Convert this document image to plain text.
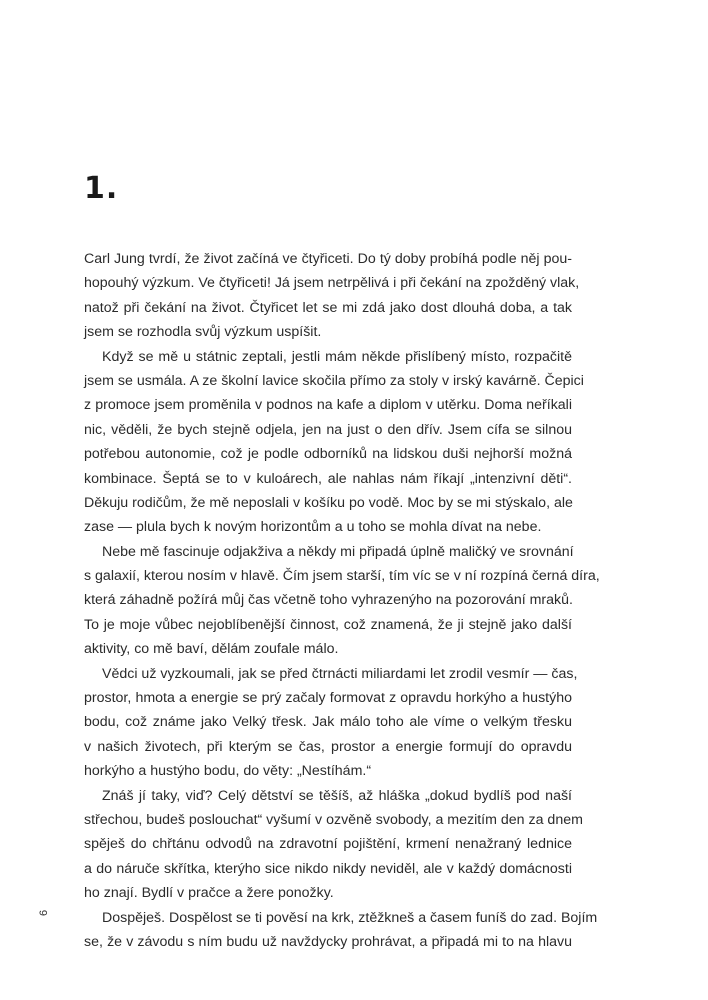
1.
Carl Jung tvrdí, že život začíná ve čtyřiceti. Do tý doby probíhá podle něj pou-
hopouhý výzkum. Ve čtyřiceti! Já jsem netrpělivá i při čekání na zpožděný vlak,
natož při čekání na život. Čtyřicet let se mi zdá jako dost dlouhá doba, a tak
jsem se rozhodla svůj výzkum uspíšit.
Když se mě u státnic zeptali, jestli mám někde přislíbený místo, rozpačitě
jsem se usmála. A ze školní lavice skočila přímo za stoly v irský kavárně. Čepici
z promoce jsem proměnila v podnos na kafe a diplom v utěrku. Doma neříkali
nic, věděli, že bych stejně odjela, jen na just o den dřív. Jsem cífa se silnou
potřebou autonomie, což je podle odborníků na lidskou duši nejhorší možná
kombinace. Šeptá se to v kuloárech, ale nahlas nám říkají „intenzivní děti“.
Děkuju rodičům, že mě neposlali v košíku po vodě. Moc by se mi stýskalo, ale
zase — plula bych k novým horizontům a u toho se mohla dívat na nebe.
Nebe mě fascinuje odjakživa a někdy mi připadá úplně maličký ve srovnání
s galaxií, kterou nosím v hlavě. Čím jsem starší, tím víc se v ní rozpíná černá díra,
která záhadně požírá můj čas včetně toho vyhrazenýho na pozorování mraků.
To je moje vůbec nejoblíbenější činnost, což znamená, že ji stejně jako další
aktivity, co mě baví, dělám zoufale málo.
Vědci už vyzkoumali, jak se před čtrnácti miliardami let zrodil vesmír — čas,
prostor, hmota a energie se prý začaly formovat z opravdu horkýho a hustýho
bodu, což známe jako Velký třesk. Jak málo toho ale víme o velkým třesku
v našich životech, při kterým se čas, prostor a energie formují do opravdu
horkýho a hustýho bodu, do věty: „Nestíhám.“
Znáš jí taky, viď? Celý dětství se těšíš, až hláška „dokud bydlíš pod naší
střechou, budeš poslouchat“ vyšumí v ozvěně svobody, a mezitím den za dnem
spěješ do chřtánu odvodů na zdravotní pojištění, krmení nenažraný lednice
a do náruče skřítka, kterýho sice nikdo nikdy neviděl, ale v každý domácnosti
ho znají. Bydlí v pračce a žere ponožky.
Dospěješ. Dospělost se ti pověsí na krk, ztěžkneš a časem funíš do zad. Bojím
se, že v závodu s ním budu už navždycky prohrávat, a připadá mi to na hlavu
6
